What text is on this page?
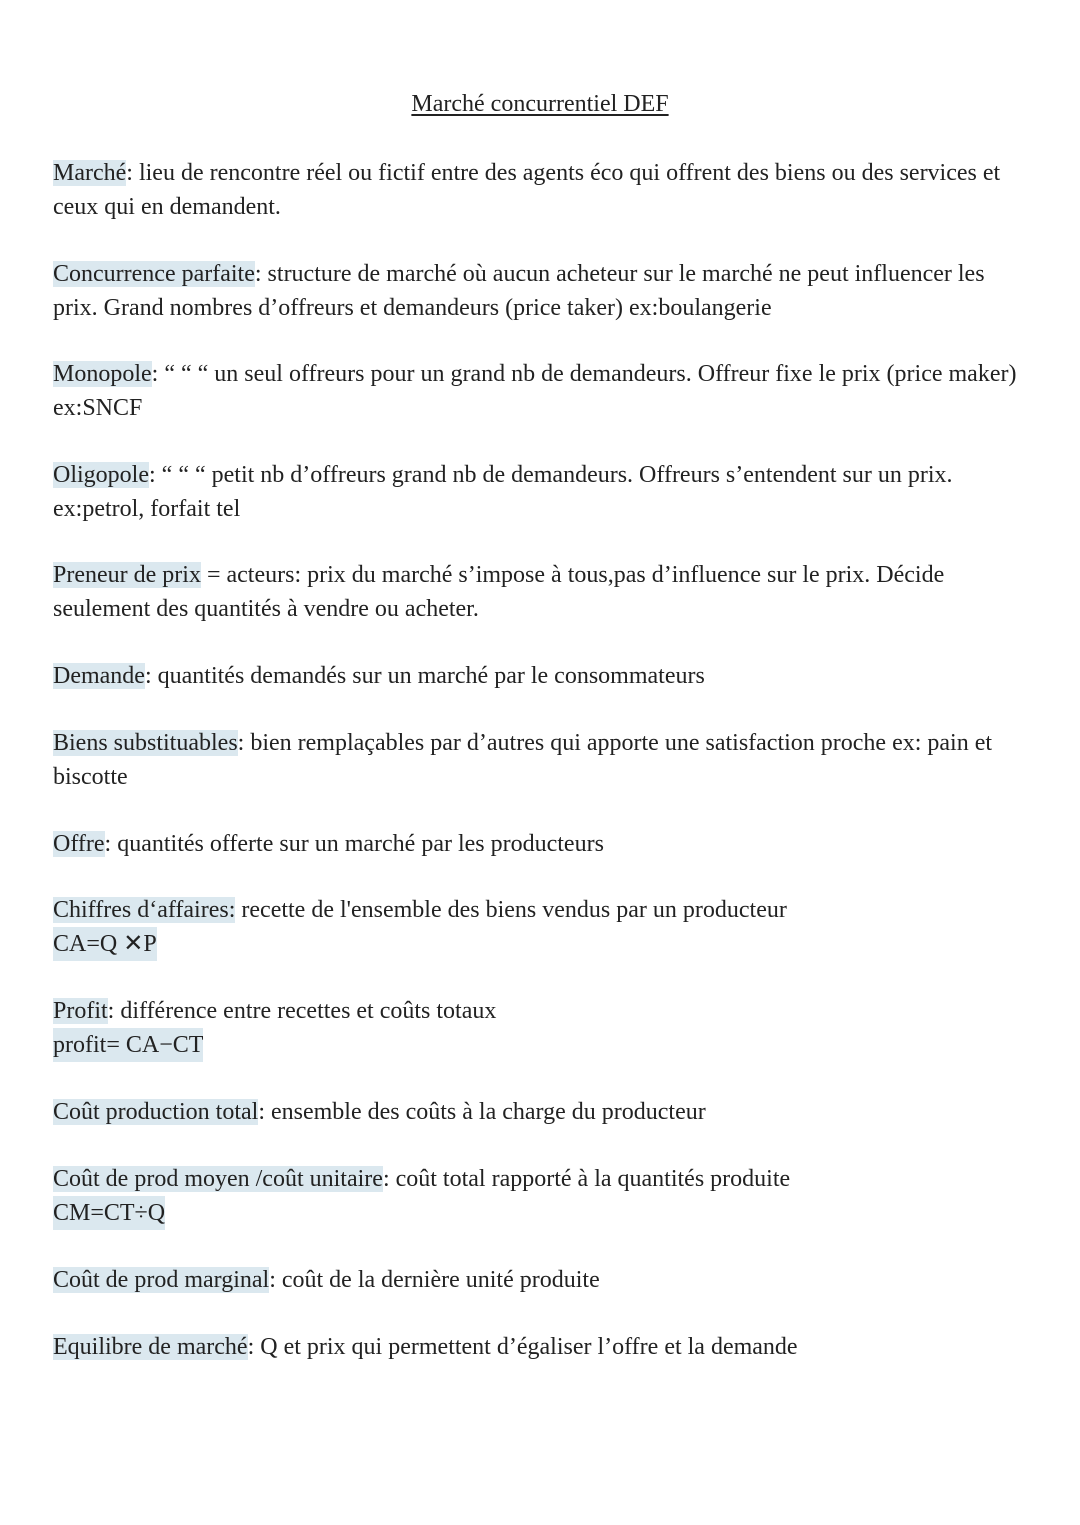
Marché concurrentiel DEF

Marché: lieu de rencontre réel ou fictif entre des agents éco qui offrent des biens ou des services et ceux qui en demandent.

Concurrence parfaite: structure de marché où aucun acheteur sur le marché ne peut influencer les prix. Grand nombres d’offreurs et demandeurs (price taker) ex:boulangerie

Monopole: “ “ “ un seul offreurs pour un grand nb de demandeurs. Offreur fixe le prix (price maker) ex:SNCF

Oligopole: “ “ “ petit nb d’offreurs grand nb de demandeurs. Offreurs s’entendent sur un prix. ex:petrol, forfait tel

Preneur de prix = acteurs: prix du marché s’impose à tous,pas d’influence sur le prix. Décide seulement des quantités à vendre ou acheter.

Demande: quantités demandés sur un marché par le consommateurs

Biens substituables: bien remplaçables par d’autres qui apporte une satisfaction proche ex: pain et biscotte

Offre: quantités offerte sur un marché par les producteurs

Chiffres d‘affaires: recette de l'ensemble des biens vendus par un producteur
CA=Q ✕P

Profit: différence entre recettes et coûts totaux
profit= CA−CT

Coût production total: ensemble des coûts à la charge du producteur

Coût de prod moyen /coût unitaire: coût total rapporté à la quantités produite
CM=CT÷Q

Coût de prod marginal: coût de la dernière unité produite

Equilibre de marché: Q et prix qui permettent d’égaliser l’offre et la demande
